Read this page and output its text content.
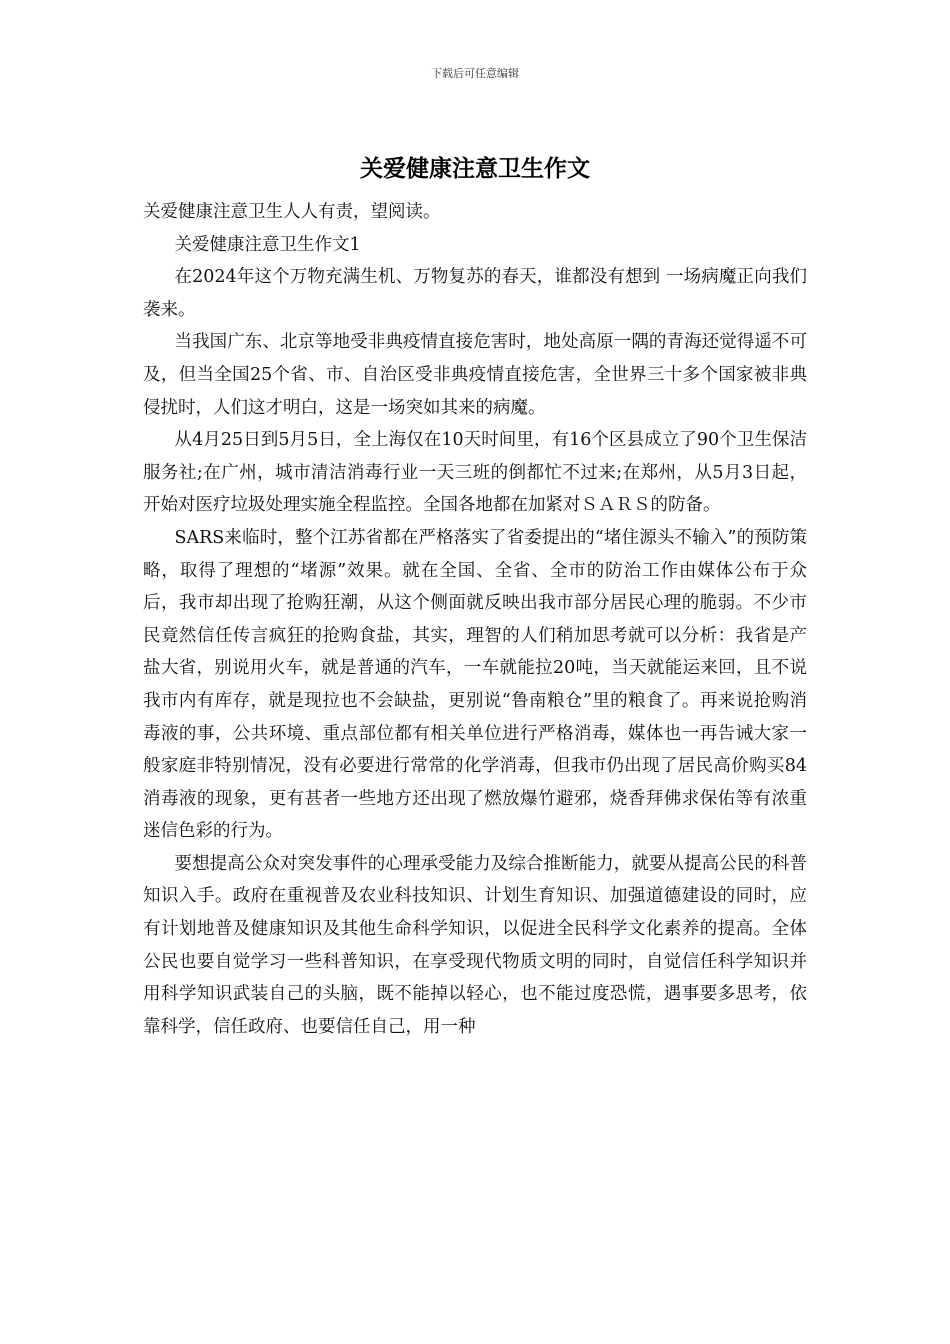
下载后可任意编辑
关爱健康注意卫生作文

关爱健康注意卫生人人有责，望阅读。

关爱健康注意卫生作文1

在2024年这个万物充满生机、万物复苏的春天，谁都没有想到 一场病魔正向我们袭来。

当我国广东、北京等地受非典疫情直接危害时，地处高原一隅的青海还觉得遥不可及，但当全国25个省、市、自治区受非典疫情直接危害，全世界三十多个国家被非典侵扰时，人们这才明白，这是一场突如其来的病魔。

从4月25日到5月5日，全上海仅在10天时间里，有16个区县成立了90个卫生保洁服务社;在广州，城市清洁消毒行业一天三班的倒都忙不过来;在郑州，从5月3日起，开始对医疗垃圾处理实施全程监控。全国各地都在加紧对ＳＡＲＳ的防备。

SARS来临时，整个江苏省都在严格落实了省委提出的“堵住源头不输入”的预防策略，取得了理想的“堵源”效果。就在全国、全省、全市的防治工作由媒体公布于众后，我市却出现了抢购狂潮，从这个侧面就反映出我市部分居民心理的脆弱。不少市民竟然信任传言疯狂的抢购食盐，其实，理智的人们稍加思考就可以分析：我省是产盐大省，别说用火车，就是普通的汽车，一车就能拉20吨，当天就能运来回，且不说我市内有库存，就是现拉也不会缺盐，更别说“鲁南粮仓”里的粮食了。再来说抢购消毒液的事，公共环境、重点部位都有相关单位进行严格消毒，媒体也一再告诫大家一般家庭非特别情况，没有必要进行常常的化学消毒，但我市仍出现了居民高价购买84消毒液的现象，更有甚者一些地方还出现了燃放爆竹避邪，烧香拜佛求保佑等有浓重迷信色彩的行为。

要想提高公众对突发事件的心理承受能力及综合推断能力，就要从提高公民的科普知识入手。政府在重视普及农业科技知识、计划生育知识、加强道德建设的同时，应有计划地普及健康知识及其他生命科学知识，以促进全民科学文化素养的提高。全体公民也要自觉学习一些科普知识，在享受现代物质文明的同时，自觉信任科学知识并用科学知识武装自己的头脑，既不能掉以轻心，也不能过度恐慌，遇事要多思考，依靠科学，信任政府、也要信任自己，用一种
